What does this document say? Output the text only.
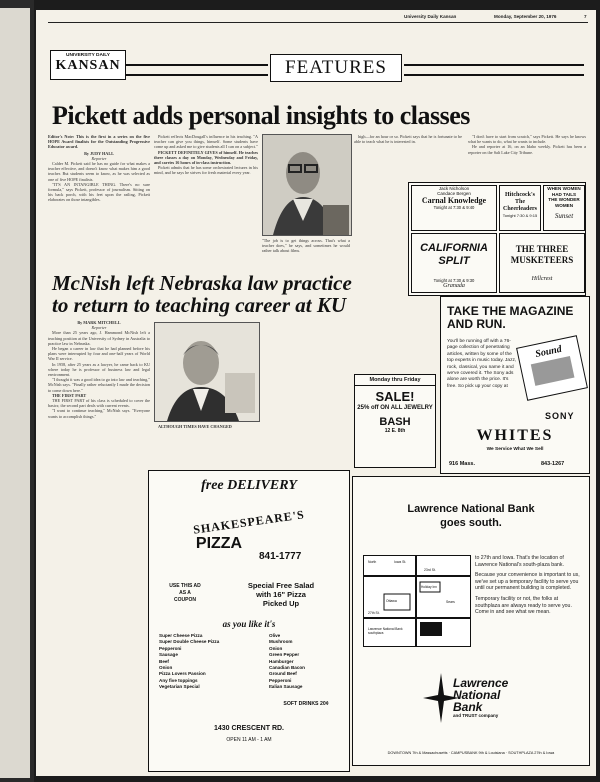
University Daily Kansan	Monday, September 20, 1976	7
UNIVERSITY DAILY
KANSAN	FEATURES
Pickett adds personal insights to classes
Editor's Note: This is the first in a series on the five HOPE Award finalists for the Outstanding Progressive Educator award.
By JUDY HALL
Reporter
Calder M. Pickett said he has no guide for what makes a teacher effective, and doesn't know what makes him a good teacher. But students seem to know, as he was selected as one of five HOPE finalists.
"IT'S AN INTANGIBLE THING. There's no sure formula," says Pickett, professor of journalism. Sitting on his back porch, with his feet upon the railing, Pickett elaborates on those intangibles.
Pickett reflects MacDougall's influence in his teaching. "A teacher can give you things, himself. Some students have come up and asked me to give students all I can on a subject."
PICKETT DEFINITELY GIVES of himself. He teaches three classes a day on Monday, Wednesday and Friday, and carries 16 hours of in-class instruction.
Pickett admits that he has some orchestrated lectures in his mind, and he says he strives for fresh material every year.
"The job is to get things across. That's what a teacher does," he says, and sometimes he would rather talk about films.
high—for an hour or so. Pickett says that he is fortunate to be able to teach what he is interested in.
"I don't have to start from scratch," says Pickett. He says he knows what he wants to do, what he wants to include.
He and reporter at 16, on an Idaho weekly. Pickett has been a reporter on the Salt Lake City Tribune.
Jack Nicholson
Candace Bergen
Carnal Knowledge
Tonight at 7:30 & 9:40
Hitchcock's The Cheerleaders
Tonight 7:30 & 9:15
WHEN WOMEN HAD TAILS
THE WONDER WOMEN
Sunset
CALIFORNIA SPLIT
Tonight at 7:30 & 9:30
Granada
THE THREE MUSKETEERS
Hillcrest
McNish left Nebraska law practice
to return to teaching career at KU
By MARK MITCHELL
Reporter
More than 25 years ago, J. Hammond McNish left a teaching position at the University of Sydney in Australia to practice law in Nebraska.
He began a career in law that he had planned before his plans were interrupted by four and one-half years of World War II service.
In 1958, after 25 years as a lawyer, he came back to KU where today he is professor of business law and legal environment.
"I thought it was a good idea to go into law and teaching," McNish says. "Finally rather reluctantly I made the decision to come down here."
THE FIRST PART
THE FIRST PART of his class is scheduled to cover the basics; the second part deals with current events.
"I want to continue teaching," McNish says. "Everyone wants to accomplish things."
ALTHOUGH TIMES HAVE CHANGED
Monday thru Friday
SALE!
25% off ON ALL JEWELRY
BASH
12 E. 8th
TAKE THE MAGAZINE AND RUN.
You'll be running off with a 76-page collection of penetrating articles, written by some of the top experts in music today. Jazz, rock, classical, you name it and we've covered it. The Sony ads alone are worth the price. It's free. So pick up your copy at
Sound
SONY
WHITES
We Service What We Sell
916 Mass.	843-1267
free DELIVERY
SHAKESPEARE'S
PIZZA
841-1777
USE THIS AD
AS A
COUPON
Special Free Salad
with 16" Pizza
Picked Up
as you like it's
Super Cheese Pizza
Super Double Cheese Pizza
Pepperoni
Sausage
Beef
Onion
Pizza Lovers Passion
Any five toppings
Vegetarian Special
Olive
Mushroom
Onion
Green Pepper
Hamburger
Canadian Bacon
Ground Beef
Pepperoni
Italian Sausage
SOFT DRINKS 20¢
1430 CRESCENT RD.
OPEN 11 AM - 1 AM
Lawrence National Bank
goes south.
23rd St.
27th St.
Iowa St.
Lawrence National Bank southplaza
Holiday Inn
Ottawa	Sears
North
to 27th and Iowa. That's the location of Lawrence National's south-plaza bank.
Because your convenience is important to us, we've set up a temporary facility to serve you until our permanent building is completed.
Temporary facility or not, the folks at southplaza are always ready to serve you. Come in and see what we mean.
Lawrence
National
Bank
and TRUST company
DOWNTOWN 7th & Massachusetts · CAMPUSBANK 9th & Louisiana · SOUTHPLAZA 27th & Iowa
